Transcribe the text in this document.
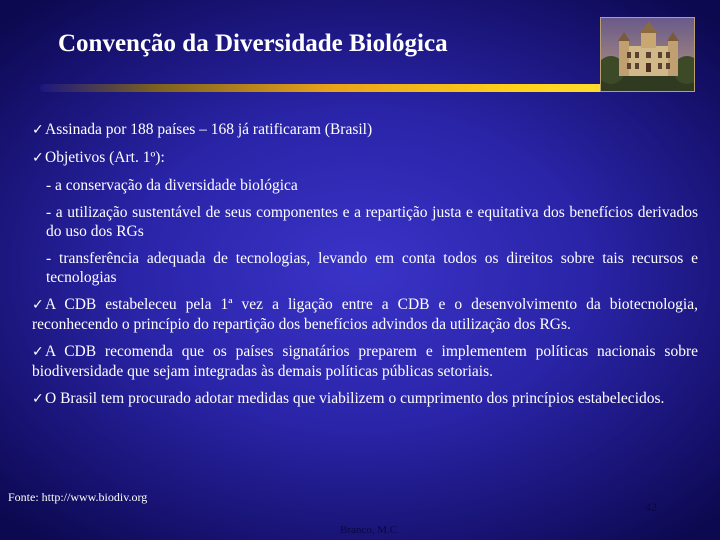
Convenção da Diversidade Biológica

✓Assinada por 188 países – 168 já ratificaram (Brasil)

✓Objetivos (Art. 1º):

- a conservação da diversidade biológica

- a utilização sustentável de seus componentes e a repartição justa e equitativa dos benefícios derivados do uso dos RGs

- transferência adequada de tecnologias, levando em conta todos os direitos sobre tais recursos e tecnologias

✓A CDB estabeleceu pela 1ª vez a ligação entre a CDB e o desenvolvimento da biotecnologia, reconhecendo o princípio do repartição dos benefícios advindos da utilização dos RGs.

✓A CDB recomenda que os países signatários preparem e implementem políticas nacionais sobre biodiversidade que sejam integradas às demais políticas públicas setoriais.

✓O Brasil tem procurado adotar medidas que viabilizem o cumprimento dos princípios estabelecidos.

Fonte: http://www.biodiv.org
42
Branco, M.C
